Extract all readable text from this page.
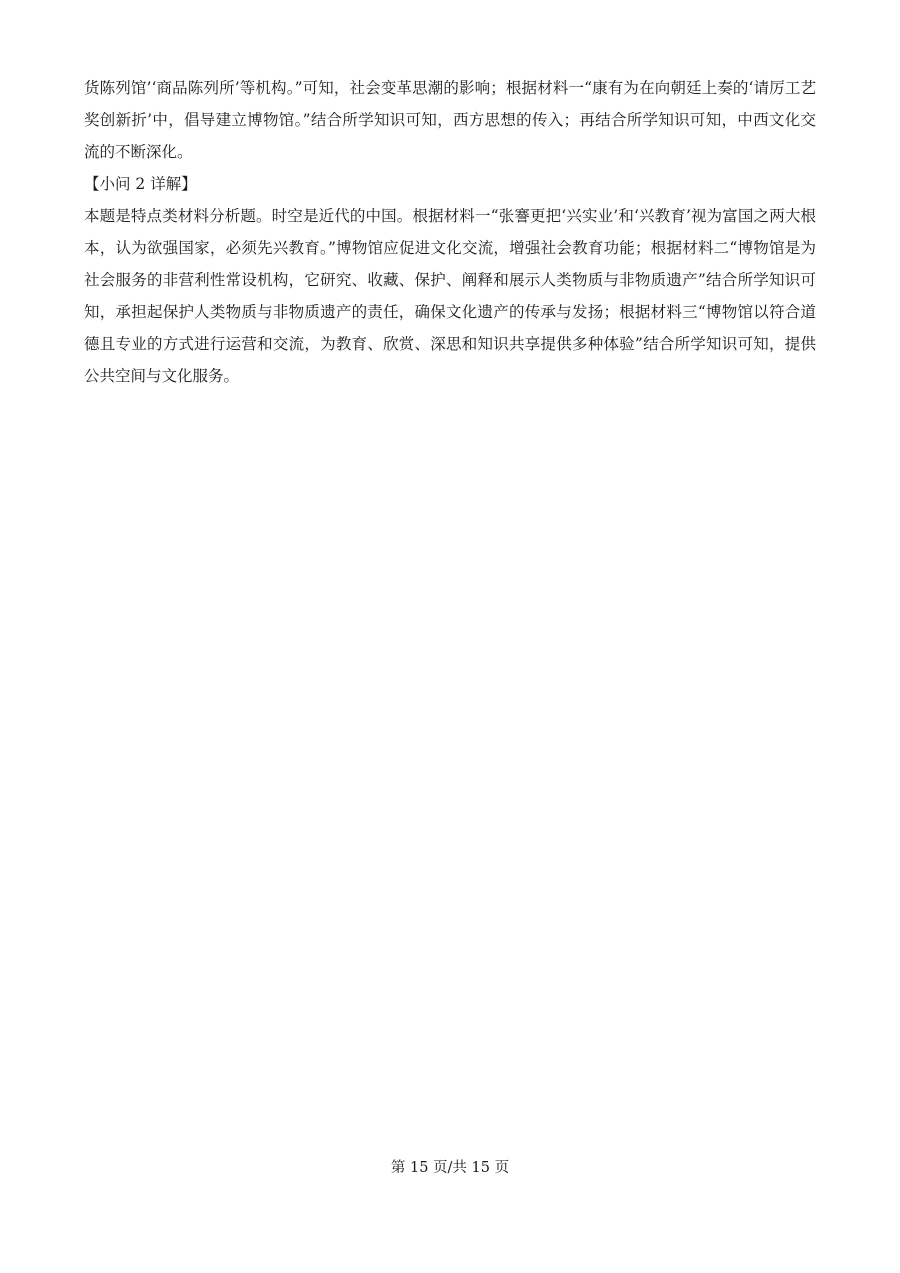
货陈列馆’‘商品陈列所’等机构。”可知，社会变革思潮的影响；根据材料一“康有为在向朝廷上奏的‘请厉工艺奖创新折’中，倡导建立博物馆。”结合所学知识可知，西方思想的传入；再结合所学知识可知，中西文化交流的不断深化。

【小问 2 详解】

本题是特点类材料分析题。时空是近代的中国。根据材料一“张謇更把‘兴实业’和‘兴教育’视为富国之两大根本，认为欲强国家，必须先兴教育。”博物馆应促进文化交流，增强社会教育功能；根据材料二“博物馆是为社会服务的非营利性常设机构，它研究、收藏、保护、阐释和展示人类物质与非物质遗产”结合所学知识可知，承担起保护人类物质与非物质遗产的责任，确保文化遗产的传承与发扬；根据材料三“博物馆以符合道德且专业的方式进行运营和交流，为教育、欣赏、深思和知识共享提供多种体验”结合所学知识可知，提供公共空间与文化服务。

第 15 页/共 15 页
